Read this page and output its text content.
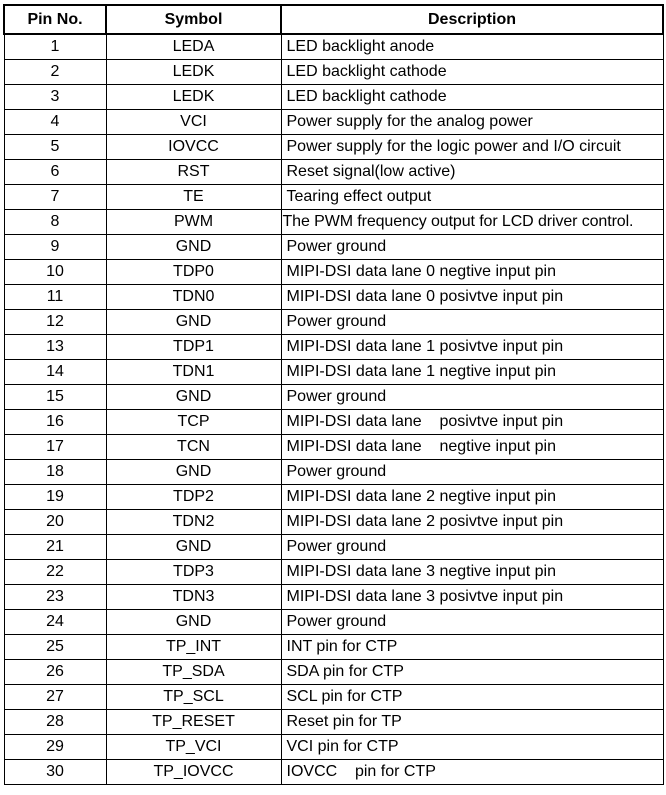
Pin No.	Symbol	Description
1	LEDA	LED backlight anode
2	LEDK	LED backlight cathode
3	LEDK	LED backlight cathode
4	VCI	Power supply for the analog power
5	IOVCC	Power supply for the logic power and I/O circuit
6	RST	Reset signal(low active)
7	TE	Tearing effect output
8	PWM	The PWM frequency output for LCD driver control.
9	GND	Power ground
10	TDP0	MIPI-DSI data lane 0 negtive input pin
11	TDN0	MIPI-DSI data lane 0 posivtve input pin
12	GND	Power ground
13	TDP1	MIPI-DSI data lane 1 posivtve input pin
14	TDN1	MIPI-DSI data lane 1 negtive input pin
15	GND	Power ground
16	TCP	MIPI-DSI data lane    posivtve input pin
17	TCN	MIPI-DSI data lane    negtive input pin
18	GND	Power ground
19	TDP2	MIPI-DSI data lane 2 negtive input pin
20	TDN2	MIPI-DSI data lane 2 posivtve input pin
21	GND	Power ground
22	TDP3	MIPI-DSI data lane 3 negtive input pin
23	TDN3	MIPI-DSI data lane 3 posivtve input pin
24	GND	Power ground
25	TP_INT	INT pin for CTP
26	TP_SDA	SDA pin for CTP
27	TP_SCL	SCL pin for CTP
28	TP_RESET	Reset pin for TP
29	TP_VCI	VCI pin for CTP
30	TP_IOVCC	IOVCC    pin for CTP
